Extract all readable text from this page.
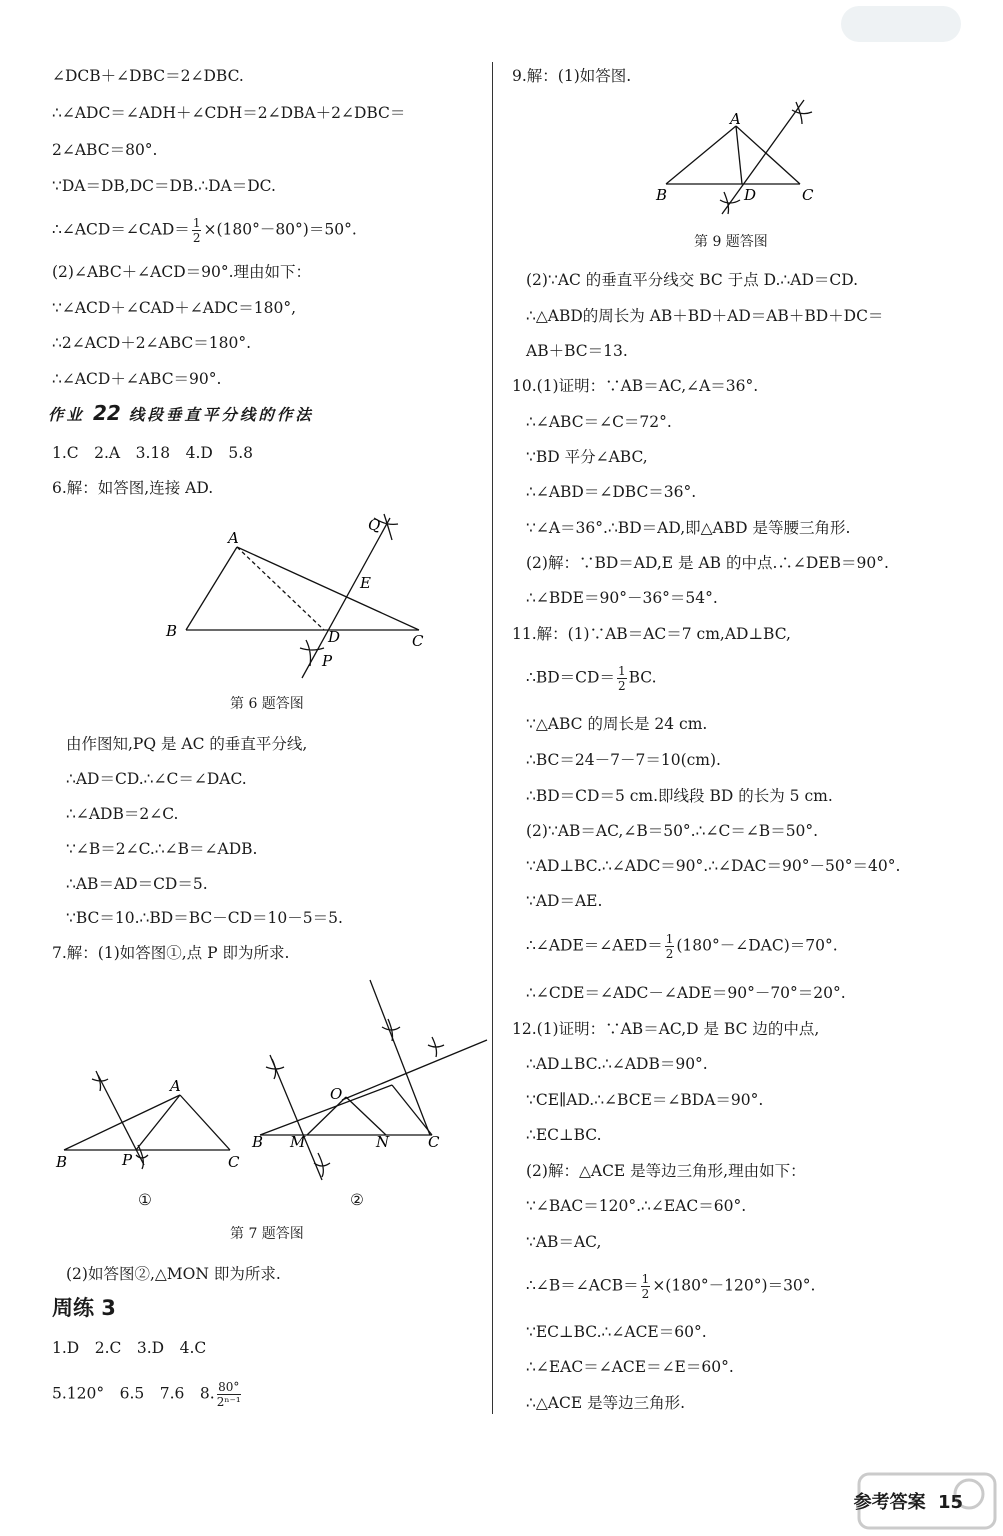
∠DCB＋∠DBC＝2∠DBC.
∴∠ADC＝∠ADH＋∠CDH＝2∠DBA＋2∠DBC＝
2∠ABC＝80°.
∵DA＝DB,DC＝DB.∴DA＝DC.
∴∠ACD＝∠CAD＝ $\frac{1}{2} \times(180^\circ-80^\circ)=50^\circ$.
(2)∠ABC＋∠ACD＝90°.理由如下：
∵∠ACD＋∠CAD＋∠ADC＝180°,
∴2∠ACD＋2∠ABC＝180°.
∴∠ACD＋∠ABC＝90°.
作业 22 线段垂直平分线的作法
1.C　2.A　3.18　4.D　5.8
6.解：如答图,连接 AD.
A
B
C
D
E
P
Q
第 6 题答图
由作图知,PQ 是 AC 的垂直平分线,
∴AD＝CD.∴∠C＝∠DAC.
∴∠ADB＝2∠C.
∵∠B＝2∠C.∴∠B＝∠ADB.
∴AB＝AD＝CD＝5.
∵BC＝10.∴BD＝BC－CD＝10－5＝5.
7.解：(1)如答图①,点 P 即为所求.
A
B	C
P
B	C
M	N
O
①	②
第 7 题答图
(2)如答图②,△MON 即为所求.
周练 3
1.D　2.C　3.D　4.C
5.120°　6.5　7.6　8. $\frac{80^\circ}{\text{2ⁿ⁻¹}}$
9.解：(1)如答图.
A
B	C
D
第 9 题答图
(2)∵AC 的垂直平分线交 BC 于点 D.∴AD＝CD.
∴△ABD的周长为 AB＋BD＋AD＝AB＋BD＋DC＝
AB＋BC＝13.
10.(1)证明：∵AB＝AC,∠A＝36°.
∴∠ABC＝∠C＝72°.
∵BD 平分∠ABC,
∴∠ABD＝∠DBC＝36°.
∵∠A＝36°.∴BD＝AD,即△ABD 是等腰三角形.
(2)解：∵BD＝AD,E 是 AB 的中点.∴∠DEB＝90°.
∴∠BDE＝90°－36°＝54°.
11.解：(1)∵AB＝AC＝7 cm,AD⊥BC,
∴BD＝CD＝ $\frac{1}{2}$ BC.
∵△ABC 的周长是 24 cm.
∴BC＝24－7－7＝10(cm).
∴BD＝CD＝5 cm.即线段 BD 的长为 5 cm.
(2)∵AB＝AC,∠B＝50°.∴∠C＝∠B＝50°.
∵AD⊥BC.∴∠ADC＝90°.∴∠DAC＝90°－50°＝40°.
∵AD＝AE.
∴∠ADE＝∠AED＝ $\frac{1}{2}$ (180°－∠DAC)＝70°.
∴∠CDE＝∠ADC－∠ADE＝90°－70°＝20°.
12.(1)证明：∵AB＝AC,D 是 BC 边的中点,
∴AD⊥BC.∴∠ADB＝90°.
∵CE∥AD.∴∠BCE＝∠BDA＝90°.
∴EC⊥BC.
(2)解：△ACE 是等边三角形,理由如下：
∵∠BAC＝120°.∴∠EAC＝60°.
∵AB＝AC,
∴∠B＝∠ACB＝ $\frac{1}{2} \times(180^\circ-120^\circ)=30^\circ$.
∵EC⊥BC.∴∠ACE＝60°.
∴∠EAC＝∠ACE＝∠E＝60°.
∴△ACE 是等边三角形.
参考答案 15
